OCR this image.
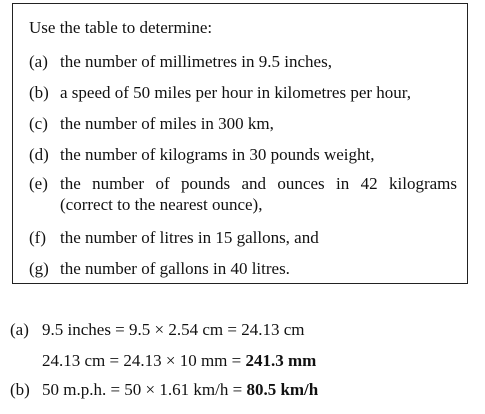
Use the table to determine:
(a) the number of millimetres in 9.5 inches,
(b) a speed of 50 miles per hour in kilometres per hour,
(c) the number of miles in 300 km,
(d) the number of kilograms in 30 pounds weight,
(e) the number of pounds and ounces in 42 kilograms
(correct to the nearest ounce),
(f) the number of litres in 15 gallons, and
(g) the number of gallons in 40 litres.
(a) 9.5 inches = 9.5 × 2.54 cm = 24.13 cm
24.13 cm = 24.13 × 10 mm = 241.3 mm
(b) 50 m.p.h. = 50 × 1.61 km/h = 80.5 km/h
